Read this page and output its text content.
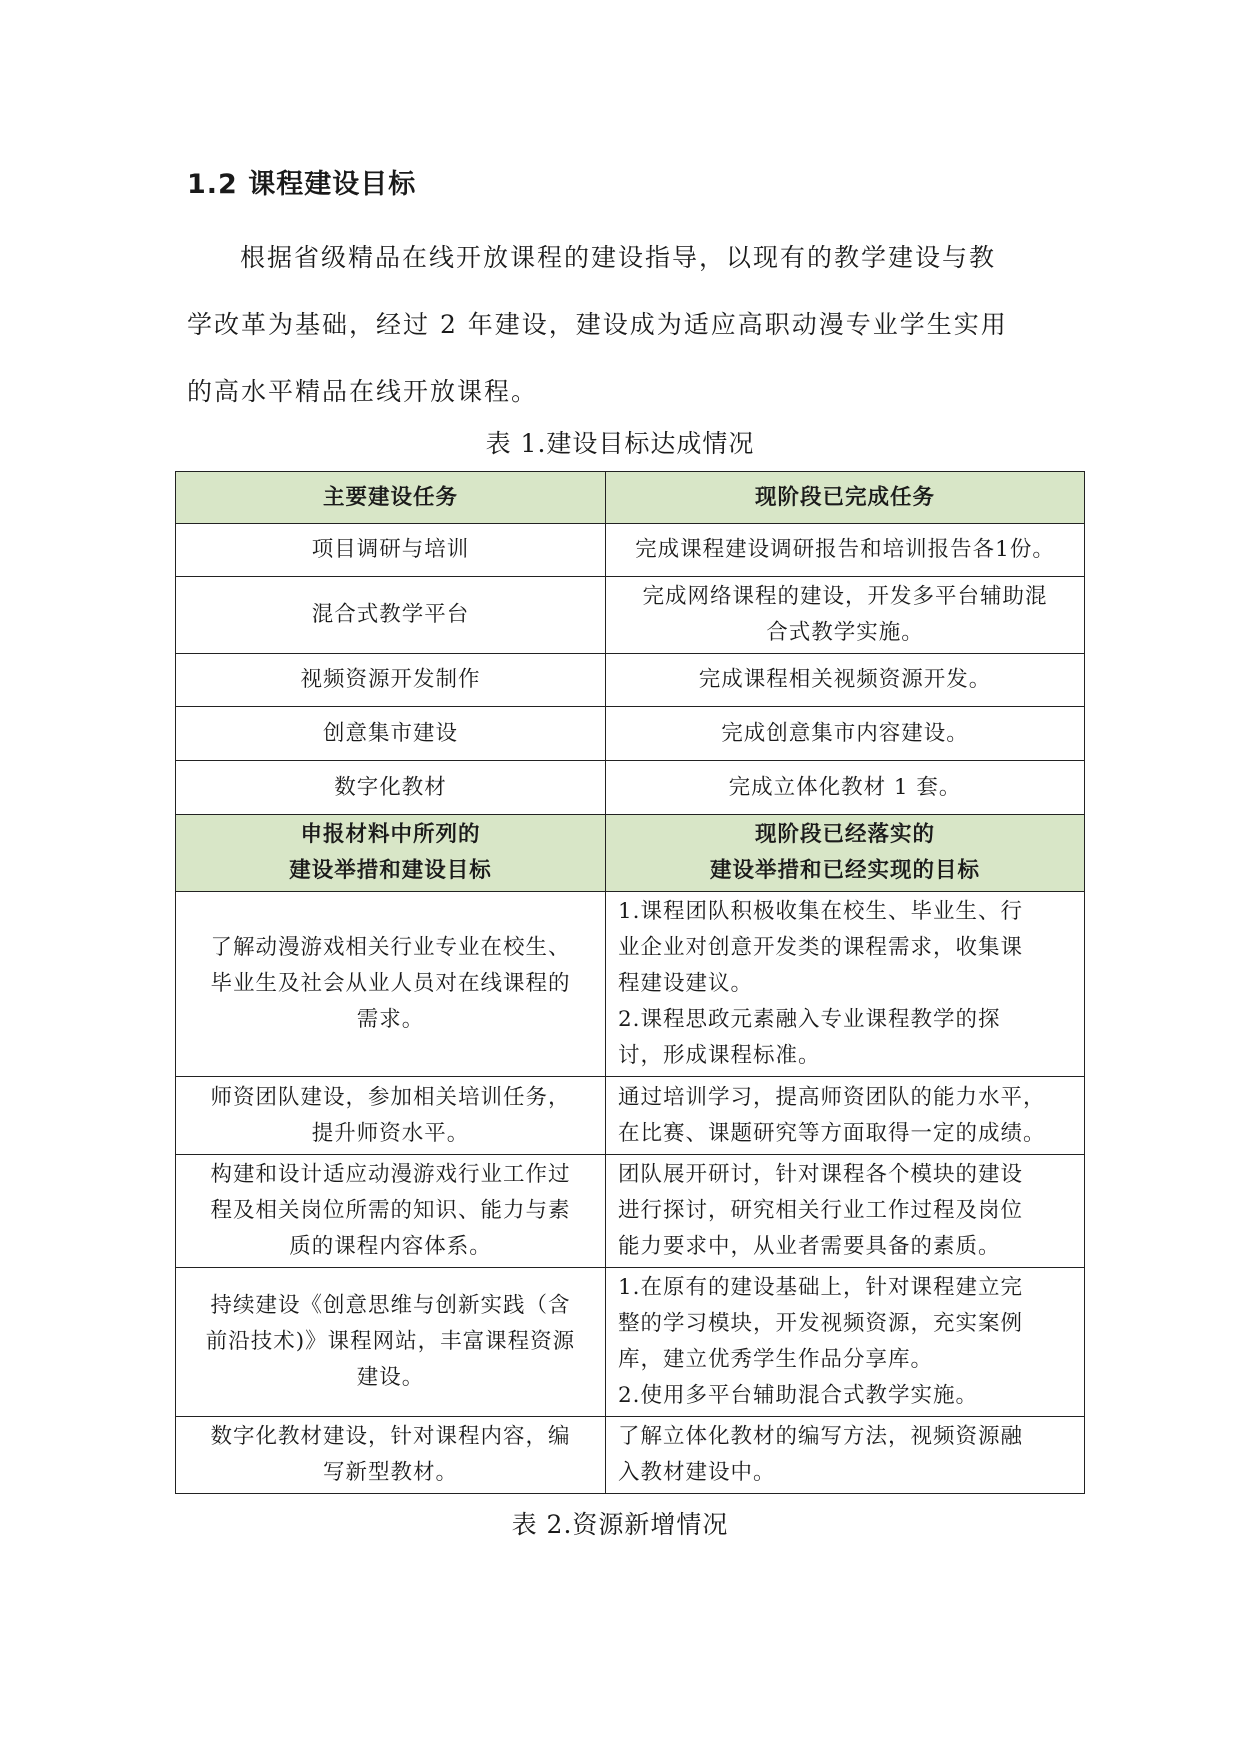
1.2 课程建设目标
根据省级精品在线开放课程的建设指导，以现有的教学建设与教
学改革为基础，经过 2 年建设，建设成为适应高职动漫专业学生实用
的高水平精品在线开放课程。
表 1.建设目标达成情况
主要建设任务	现阶段已完成任务
项目调研与培训	完成课程建设调研报告和培训报告各1份。
混合式教学平台	完成网络课程的建设，开发多平台辅助混
合式教学实施。
视频资源开发制作	完成课程相关视频资源开发。
创意集市建设	完成创意集市内容建设。
数字化教材	完成立体化教材 1 套。
申报材料中所列的
建设举措和建设目标	现阶段已经落实的
建设举措和已经实现的目标
了解动漫游戏相关行业专业在校生、
毕业生及社会从业人员对在线课程的
需求。	1.课程团队积极收集在校生、毕业生、行
业企业对创意开发类的课程需求，收集课
程建设建议。
2.课程思政元素融入专业课程教学的探
讨，形成课程标准。

师资团队建设，参加相关培训任务，
提升师资水平。	通过培训学习，提高师资团队的能力水平，
在比赛、课题研究等方面取得一定的成绩。

构建和设计适应动漫游戏行业工作过
程及相关岗位所需的知识、能力与素
质的课程内容体系。	团队展开研讨，针对课程各个模块的建设
进行探讨，研究相关行业工作过程及岗位
能力要求中，从业者需要具备的素质。

持续建设《创意思维与创新实践（含
前沿技术)》课程网站，丰富课程资源
建设。	1.在原有的建设基础上，针对课程建立完
整的学习模块，开发视频资源，充实案例
库，建立优秀学生作品分享库。
2.使用多平台辅助混合式教学实施。

数字化教材建设，针对课程内容，编
写新型教材。	了解立体化教材的编写方法，视频资源融
入教材建设中。
表 2.资源新增情况
